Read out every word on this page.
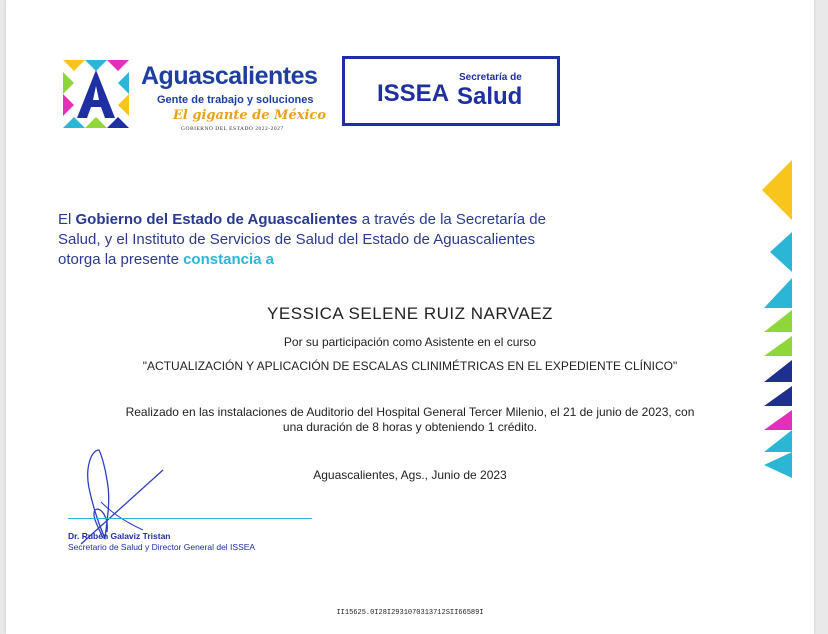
Aguascalientes
Gente de trabajo y soluciones
El gigante de México
GOBIERNO DEL ESTADO 2022-2027
ISSEA
Secretaría de
Salud
El Gobierno del Estado de Aguascalientes a través de la Secretaría de Salud, y el Instituto de Servicios de Salud del Estado de Aguascalientes otorga la presente constancia a
YESSICA SELENE RUIZ NARVAEZ
Por su participación como Asistente en el curso
"ACTUALIZACIÓN Y APLICACIÓN DE ESCALAS CLINIMÉTRICAS EN EL EXPEDIENTE CLÍNICO"
Realizado en las instalaciones de Auditorio del Hospital General Tercer Milenio, el 21 de junio de 2023, con
una duración de 8 horas y obteniendo 1 crédito.
Aguascalientes, Ags., Junio de 2023
Dr. Rubén Galaviz Tristan
Secretario de Salud y Director General del ISSEA
II15625.0I28I2931070313712SII66589I
